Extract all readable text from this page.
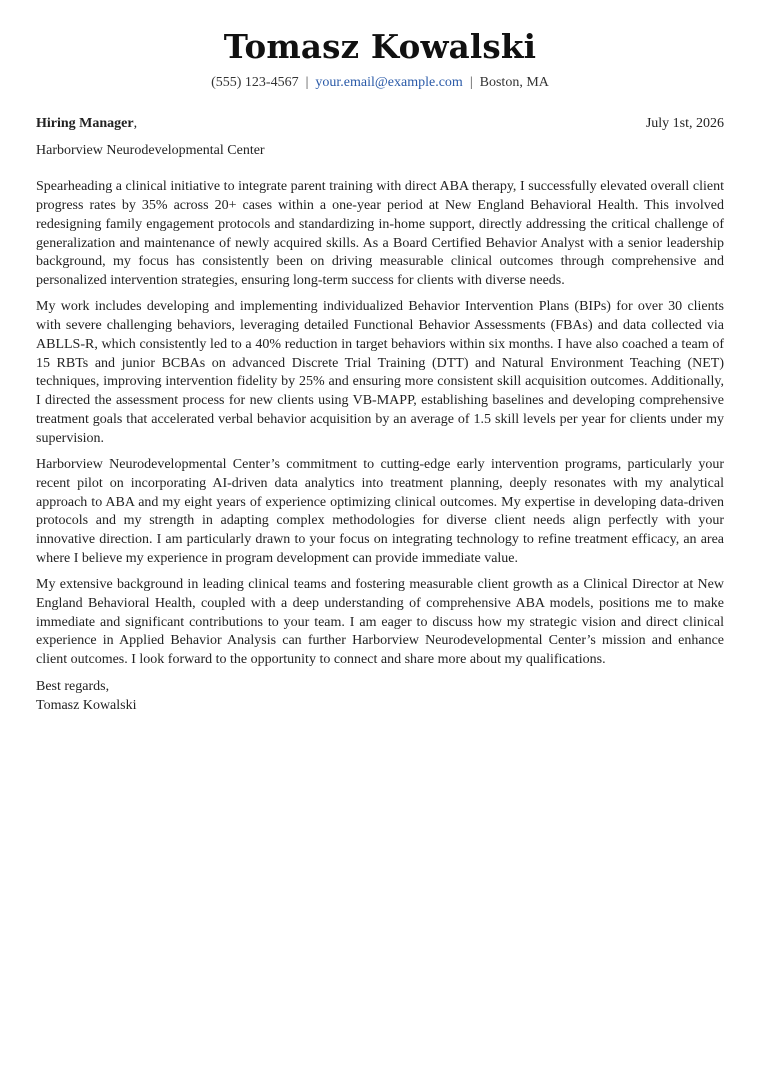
Tomasz Kowalski
(555) 123-4567 | your.email@example.com | Boston, MA
Hiring Manager,	July 1st, 2026
Harborview Neurodevelopmental Center

Spearheading a clinical initiative to integrate parent training with direct ABA therapy, I successfully elevated overall client progress rates by 35% across 20+ cases within a one-year period at New England Behavioral Health. This involved redesigning family engagement protocols and standardizing in-home support, directly addressing the critical challenge of generalization and maintenance of newly acquired skills. As a Board Certified Behavior Analyst with a senior leadership background, my focus has consistently been on driving measurable clinical outcomes through comprehensive and personalized intervention strategies, ensuring long-term success for clients with diverse needs.

My work includes developing and implementing individualized Behavior Intervention Plans (BIPs) for over 30 clients with severe challenging behaviors, leveraging detailed Functional Behavior Assessments (FBAs) and data collected via ABLLS-R, which consistently led to a 40% reduction in target behaviors within six months. I have also coached a team of 15 RBTs and junior BCBAs on advanced Discrete Trial Training (DTT) and Natural Environment Teaching (NET) techniques, improving intervention fidelity by 25% and ensuring more consistent skill acquisition outcomes. Additionally, I directed the assessment process for new clients using VB-MAPP, establishing baselines and developing comprehensive treatment goals that accelerated verbal behavior acquisition by an average of 1.5 skill levels per year for clients under my supervision.

Harborview Neurodevelopmental Center’s commitment to cutting-edge early intervention programs, particularly your recent pilot on incorporating AI-driven data analytics into treatment planning, deeply resonates with my analytical approach to ABA and my eight years of experience optimizing clinical outcomes. My expertise in developing data-driven protocols and my strength in adapting complex methodologies for diverse client needs align perfectly with your innovative direction. I am particularly drawn to your focus on integrating technology to refine treatment efficacy, an area where I believe my experience in program development can provide immediate value.

My extensive background in leading clinical teams and fostering measurable client growth as a Clinical Director at New England Behavioral Health, coupled with a deep understanding of comprehensive ABA models, positions me to make immediate and significant contributions to your team. I am eager to discuss how my strategic vision and direct clinical experience in Applied Behavior Analysis can further Harborview Neurodevelopmental Center’s mission and enhance client outcomes. I look forward to the opportunity to connect and share more about my qualifications.

Best regards,
Tomasz Kowalski
